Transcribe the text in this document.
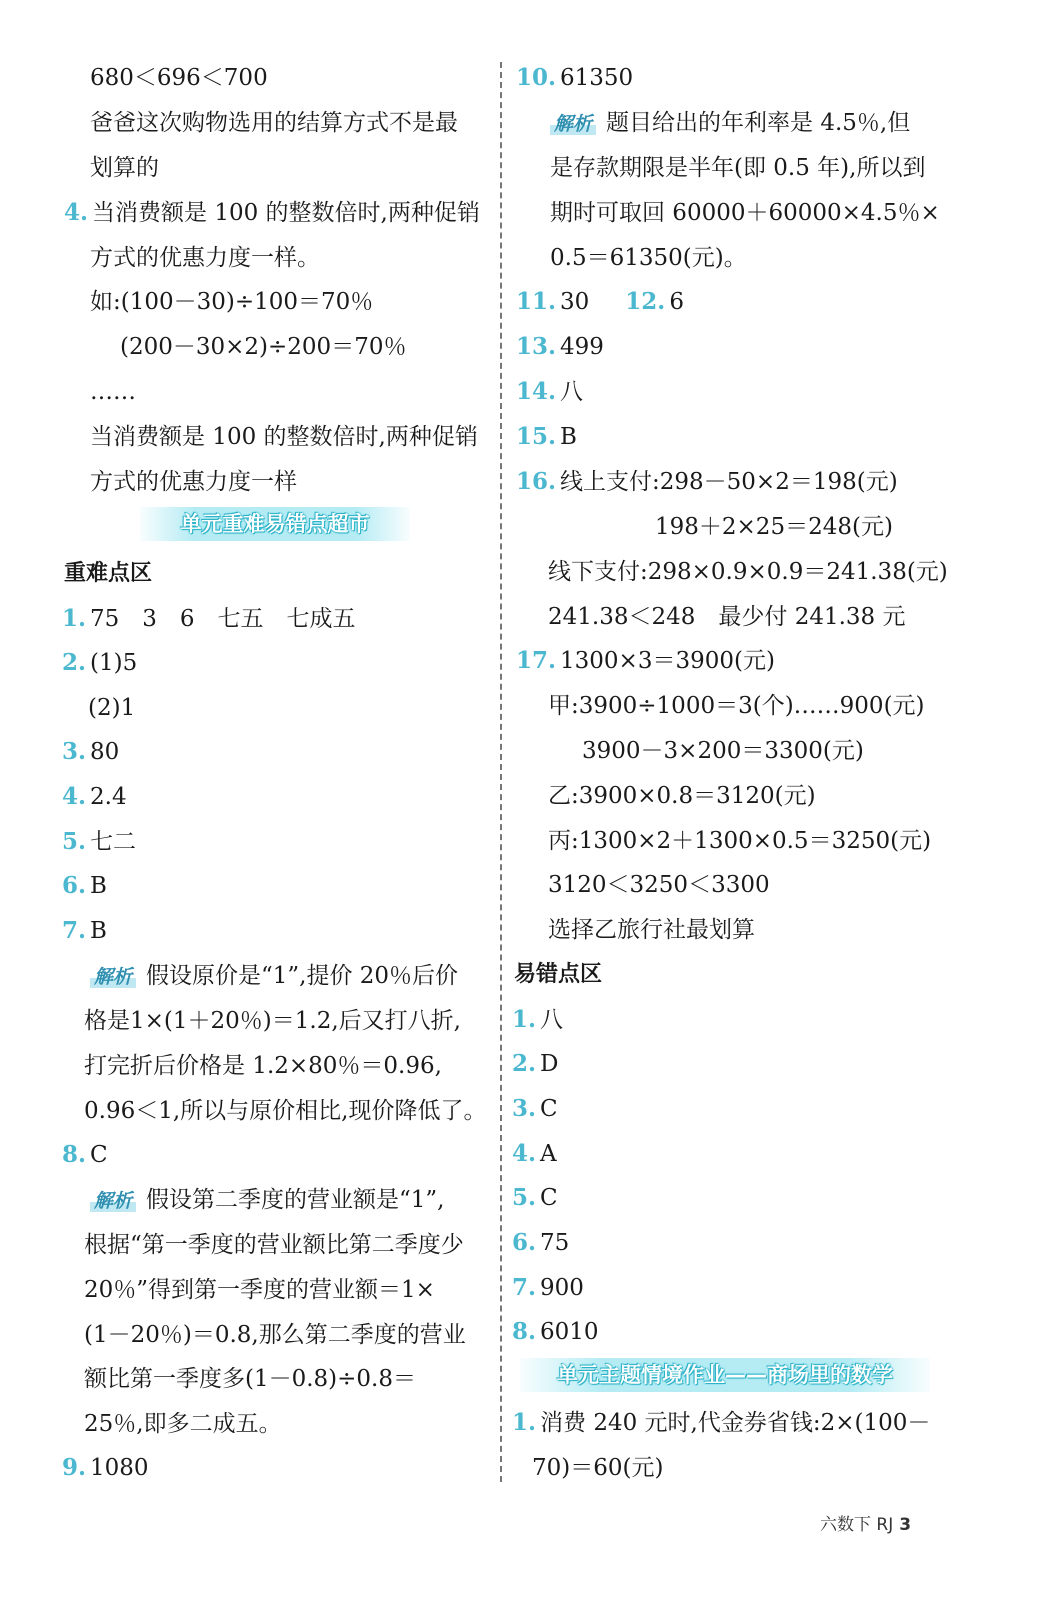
680＜696＜700
爸爸这次购物选用的结算方式不是最
划算的
4. 当消费额是 100 的整数倍时,两种促销
方式的优惠力度一样。
如:(100－30)÷100＝70％
(200－30×2)÷200＝70％
……
当消费额是 100 的整数倍时,两种促销
方式的优惠力度一样
单元重难易错点超市
重难点区
1. 75　3　6　七五　七成五
2. (1)5
(2)1
3. 80
4. 2.4
5. 七二
6. B
7. B
解析 假设原价是“1”,提价 20％后价
格是1×(1＋20％)＝1.2,后又打八折,
打完折后价格是 1.2×80％＝0.96,
0.96＜1,所以与原价相比,现价降低了。
8. C
解析 假设第二季度的营业额是“1”,
根据“第一季度的营业额比第二季度少
20％”得到第一季度的营业额＝1×
(1－20％)＝0.8,那么第二季度的营业
额比第一季度多(1－0.8)÷0.8＝
25％,即多二成五。
9. 1080
10. 61350
解析 题目给出的年利率是 4.5％,但
是存款期限是半年(即 0.5 年),所以到
期时可取回 60000＋60000×4.5％×
0.5＝61350(元)。
11. 30 12. 6
13. 499
14. 八
15. B
16. 线上支付:298－50×2＝198(元)
198＋2×25＝248(元)
线下支付:298×0.9×0.9＝241.38(元)
241.38＜248　最少付 241.38 元
17. 1300×3＝3900(元)
甲:3900÷1000＝3(个)……900(元)
3900－3×200＝3300(元)
乙:3900×0.8＝3120(元)
丙:1300×2＋1300×0.5＝3250(元)
3120＜3250＜3300
选择乙旅行社最划算
易错点区
1. 八
2. D
3. C
4. A
5. C
6. 75
7. 900
8. 6010
单元主题情境作业——商场里的数学
1. 消费 240 元时,代金券省钱:2×(100－
70)＝60(元)
六数下 RJ 3
